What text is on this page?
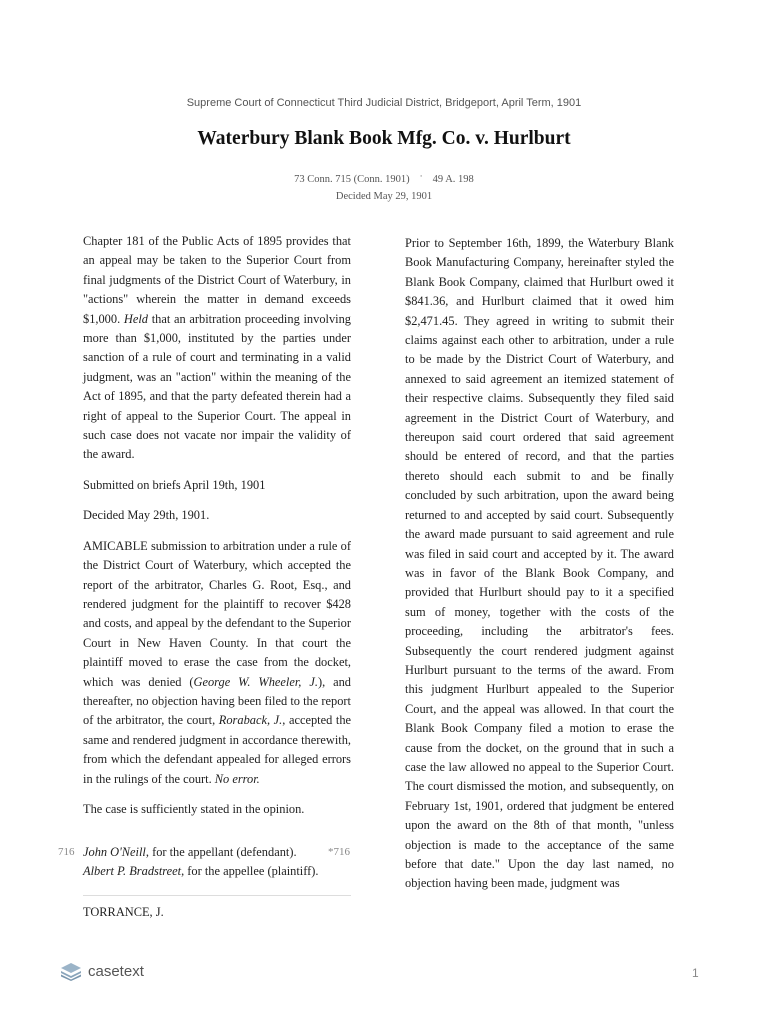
Supreme Court of Connecticut Third Judicial District, Bridgeport, April Term, 1901
Waterbury Blank Book Mfg. Co. v. Hurlburt
73 Conn. 715 (Conn. 1901) · 49 A. 198
Decided May 29, 1901

Chapter 181 of the Public Acts of 1895 provides that an appeal may be taken to the Superior Court from final judgments of the District Court of Waterbury, in "actions" wherein the matter in demand exceeds $1,000. Held that an arbitration proceeding involving more than $1,000, instituted by the parties under sanction of a rule of court and terminating in a valid judgment, was an "action" within the meaning of the Act of 1895, and that the party defeated therein had a right of appeal to the Superior Court. The appeal in such case does not vacate nor impair the validity of the award.

Submitted on briefs April 19th, 1901

Decided May 29th, 1901.

AMICABLE submission to arbitration under a rule of the District Court of Waterbury, which accepted the report of the arbitrator, Charles G. Root, Esq., and rendered judgment for the plaintiff to recover $428 and costs, and appeal by the defendant to the Superior Court in New Haven County. In that court the plaintiff moved to erase the case from the docket, which was denied (George W. Wheeler, J.), and thereafter, no objection having been filed to the report of the arbitrator, the court, Roraback, J., accepted the same and rendered judgment in accordance therewith, from which the defendant appealed for alleged errors in the rulings of the court. No error.

The case is sufficiently stated in the opinion.

716	*716
John O'Neill, for the appellant (defendant).
Albert P. Bradstreet, for the appellee (plaintiff).
TORRANCE, J.

Prior to September 16th, 1899, the Waterbury Blank Book Manufacturing Company, hereinafter styled the Blank Book Company, claimed that Hurlburt owed it $841.36, and Hurlburt claimed that it owed him $2,471.45. They agreed in writing to submit their claims against each other to arbitration, under a rule to be made by the District Court of Waterbury, and annexed to said agreement an itemized statement of their respective claims. Subsequently they filed said agreement in the District Court of Waterbury, and thereupon said court ordered that said agreement should be entered of record, and that the parties thereto should each submit to and be finally concluded by such arbitration, upon the award being returned to and accepted by said court. Subsequently the award made pursuant to said agreement and rule was filed in said court and accepted by it. The award was in favor of the Blank Book Company, and provided that Hurlburt should pay to it a specified sum of money, together with the costs of the proceeding, including the arbitrator's fees. Subsequently the court rendered judgment against Hurlburt pursuant to the terms of the award. From this judgment Hurlburt appealed to the Superior Court, and the appeal was allowed. In that court the Blank Book Company filed a motion to erase the cause from the docket, on the ground that in such a case the law allowed no appeal to the Superior Court. The court dismissed the motion, and subsequently, on February 1st, 1901, ordered that judgment be entered upon the award on the 8th of that month, "unless objection is made to the acceptance of the same before that date." Upon the day last named, no objection having been made, judgment was

casetext	1
